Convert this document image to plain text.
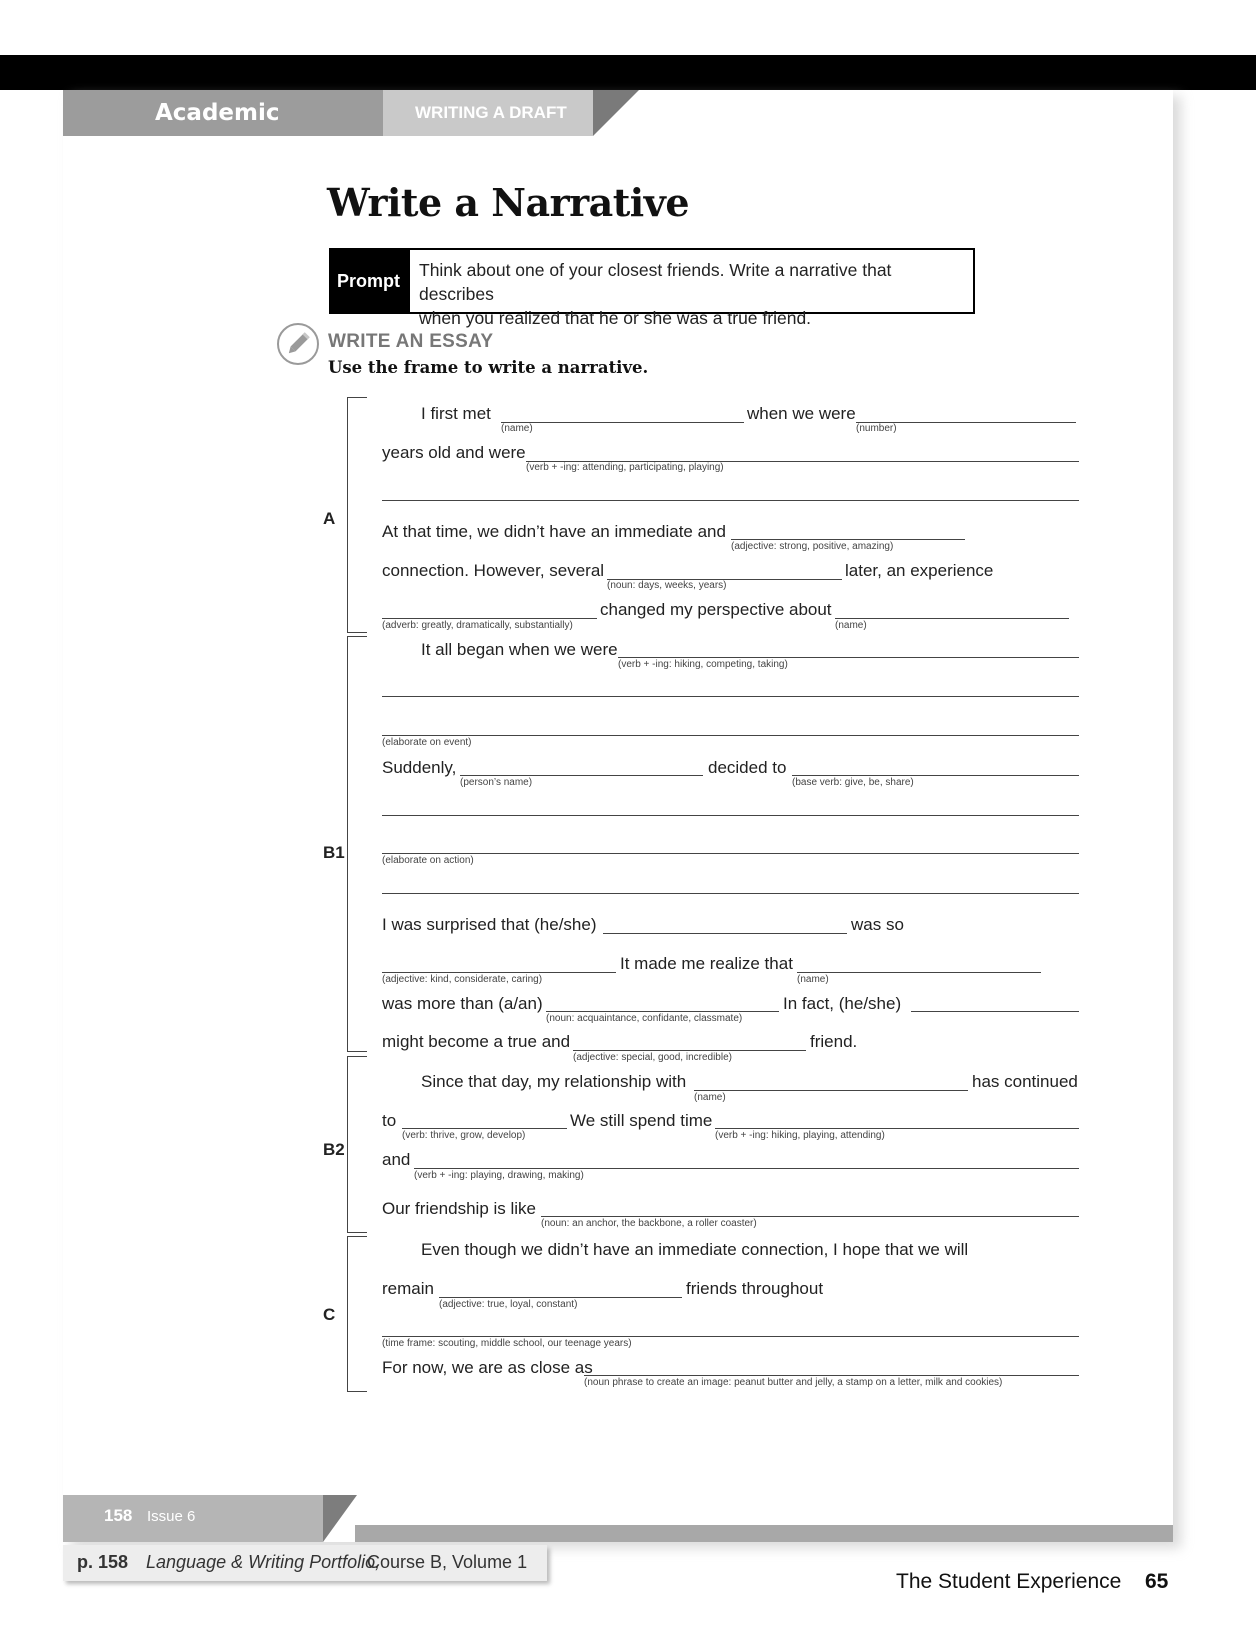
Academic Writing
WRITING A DRAFT
Write a Narrative
Prompt
Think about one of your closest friends. Write a narrative that describes
when you realized that he or she was a true friend.
WRITE AN ESSAY
Use the frame to write a narrative.
A
B1
B2
C
I first met
(name)
when we were
(number)
years old and were
(verb + -ing: attending, participating, playing)
At that time, we didn’t have an immediate and
(adjective: strong, positive, amazing)
connection. However, several
(noun: days, weeks, years)
later, an experience
(adverb: greatly, dramatically, substantially)
changed my perspective about
(name)
It all began when we were
(verb + -ing: hiking, competing, taking)
(elaborate on event)
Suddenly,
(person’s name)
decided to
(base verb: give, be, share)
(elaborate on action)
I was surprised that (he/she)	was so
(adjective: kind, considerate, caring)
It made me realize that
(name)
was more than (a/an)
(noun: acquaintance, confidante, classmate)
In fact, (he/she)
might become a true and
(adjective: special, good, incredible)
friend.
Since that day, my relationship with
(name)
has continued
to
(verb: thrive, grow, develop)
We still spend time
(verb + -ing: hiking, playing, attending)
and
(verb + -ing: playing, drawing, making)
Our friendship is like
(noun: an anchor, the backbone, a roller coaster)
Even though we didn’t have an immediate connection, I hope that we will
remain
(adjective: true, loyal, constant)
friends throughout
(time frame: scouting, middle school, our teenage years)
For now, we are as close as
(noun phrase to create an image: peanut butter and jelly, a stamp on a letter, milk and cookies)
158 Issue 6
p. 158 Language & Writing Portfolio,
Course B, Volume 1
The Student Experience 65
